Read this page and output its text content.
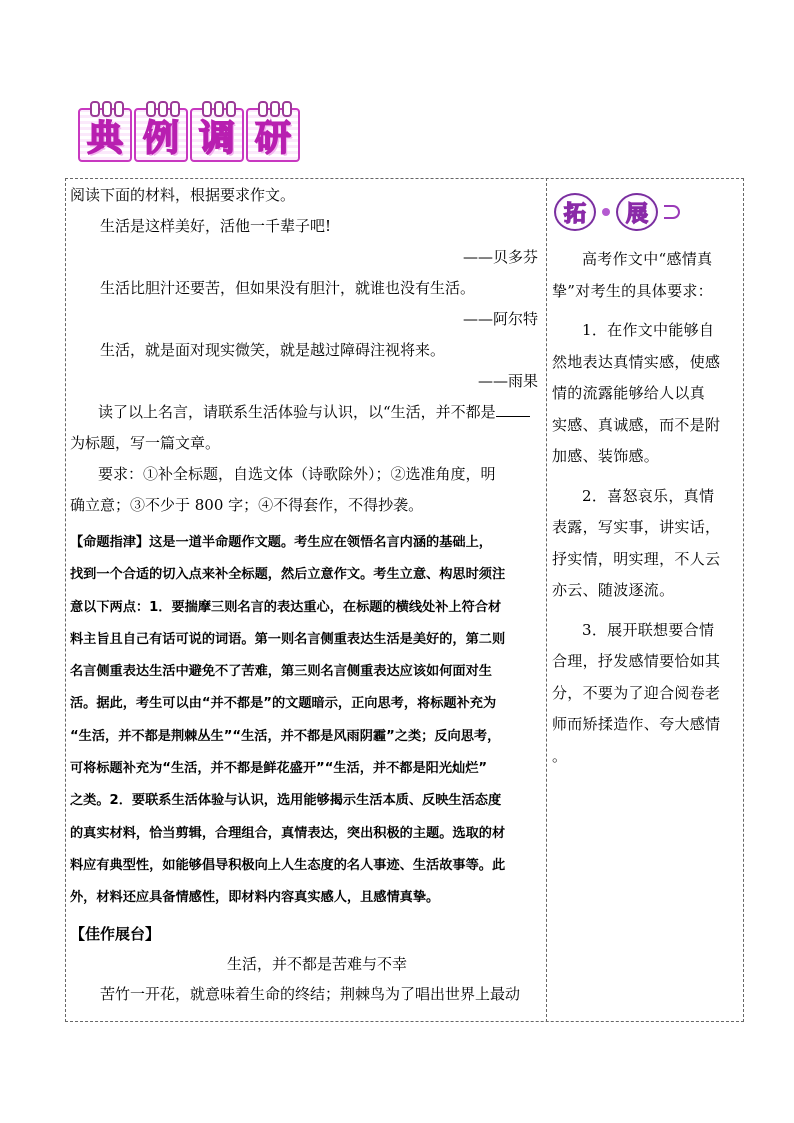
典 例 调 研

阅读下面的材料，根据要求作文。

生活是这样美好，活他一千辈子吧!

——贝多芬

生活比胆汁还要苦，但如果没有胆汁，就谁也没有生活。

——阿尔特

生活，就是面对现实微笑，就是越过障碍注视将来。

——雨果

读了以上名言，请联系生活体验与认识，以“生活，并不都是

为标题，写一篇文章。

要求：①补全标题，自选文体（诗歌除外）；②选准角度，明

确立意；③不少于 800 字；④不得套作，不得抄袭。

【命题指津】这是一道半命题作文题。考生应在领悟名言内涵的基础上，
找到一个合适的切入点来补全标题，然后立意作文。考生立意、构思时须注
意以下两点：1．要揣摩三则名言的表达重心，在标题的横线处补上符合材
料主旨且自己有话可说的词语。第一则名言侧重表达生活是美好的，第二则
名言侧重表达生活中避免不了苦难，第三则名言侧重表达应该如何面对生
活。据此，考生可以由“并不都是”的文题暗示，正向思考，将标题补充为
“生活，并不都是荆棘丛生”“生活，并不都是风雨阴霾”之类；反向思考，
可将标题补充为“生活，并不都是鲜花盛开”“生活，并不都是阳光灿烂”
之类。2．要联系生活体验与认识，选用能够揭示生活本质、反映生活态度
的真实材料，恰当剪辑，合理组合，真情表达，突出积极的主题。选取的材
料应有典型性，如能够倡导积极向上人生态度的名人事迹、生活故事等。此
外，材料还应具备情感性，即材料内容真实感人，且感情真挚。
【佳作展台】

生活，并不都是苦难与不幸

苦竹一开花，就意味着生命的终结；荆棘鸟为了唱出世界上最动

拓	展
高考作文中“感情真
挚”对考生的具体要求：
1．在作文中能够自
然地表达真情实感，使感
情的流露能够给人以真
实感、真诚感，而不是附
加感、装饰感。
2．喜怒哀乐，真情
表露，写实事，讲实话，
抒实情，明实理，不人云
亦云、随波逐流。
3．展开联想要合情
合理，抒发感情要恰如其
分，不要为了迎合阅卷老
师而矫揉造作、夸大感情
。
